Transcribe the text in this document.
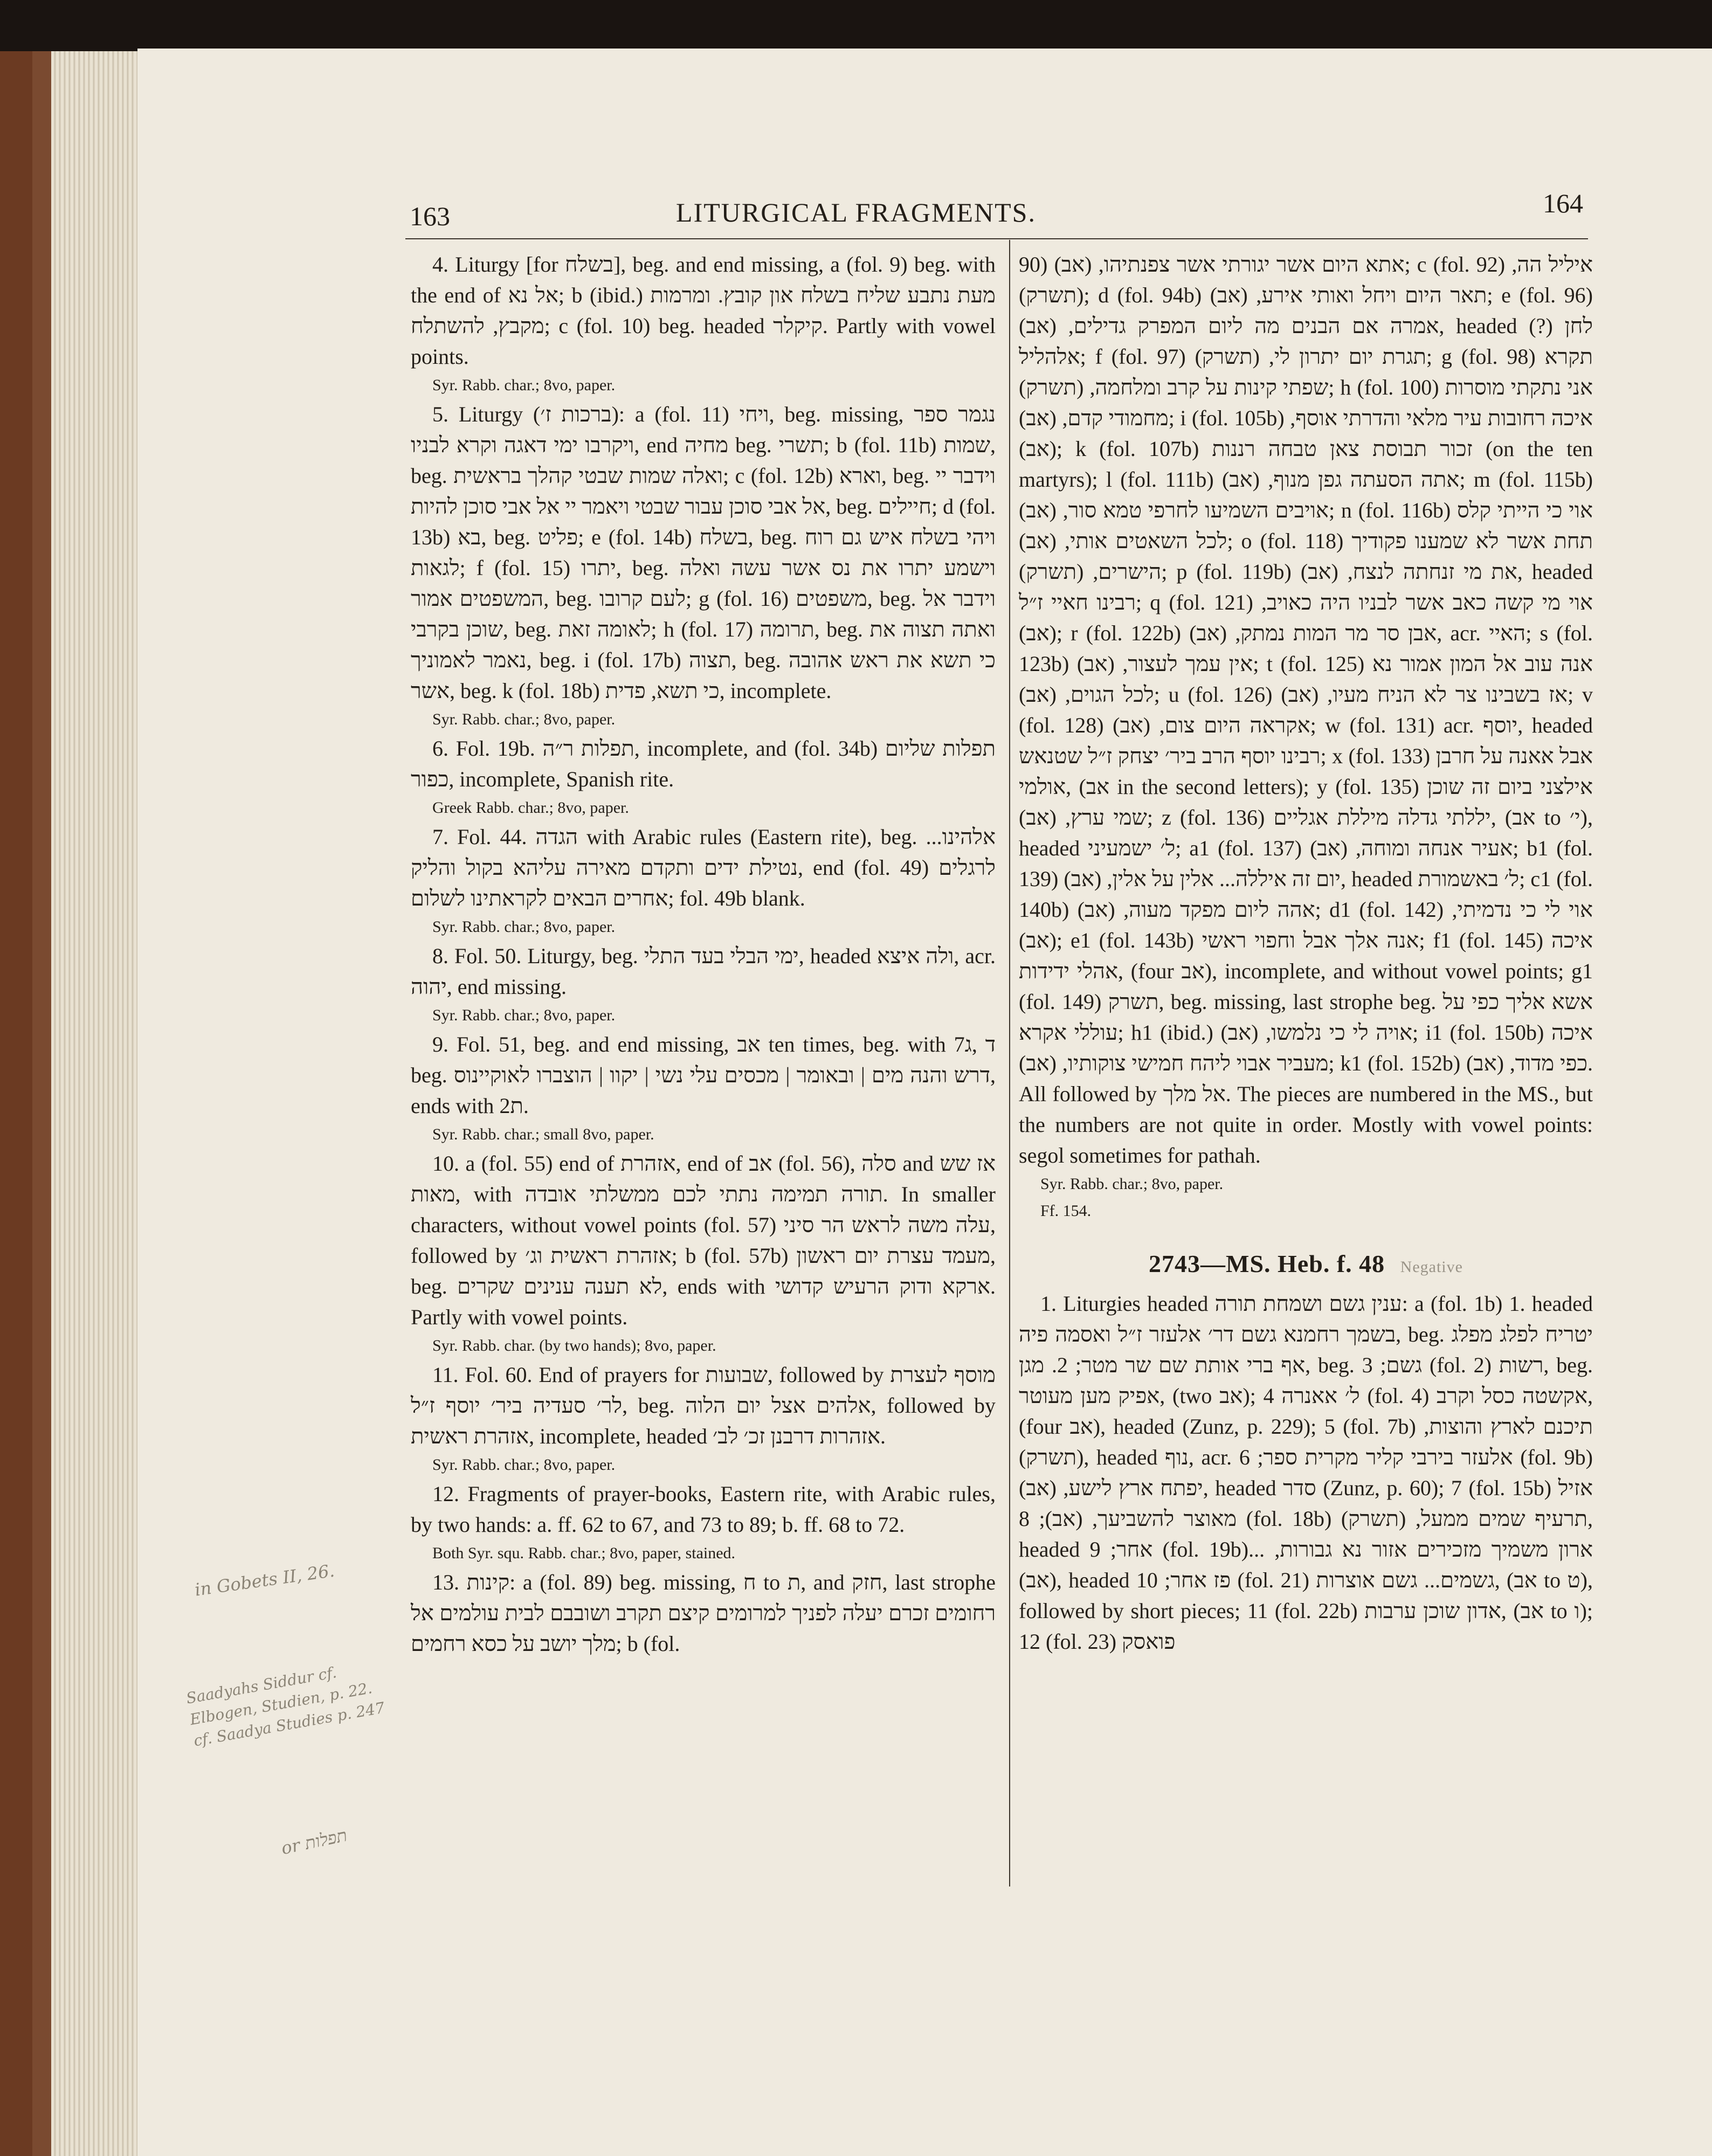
163	LITURGICAL FRAGMENTS.	164

4. Liturgy [for בשלח], beg. and end missing, a (fol. 9) beg. with the end of אל נא; b (ibid.) מעת נתבע שליח בשלח און קובץ. ומרמות מקבץ, להשתלח; c (fol. 10) beg. headed קיקלר. Partly with vowel points.

Syr. Rabb. char.; 8vo, paper.

5. Liturgy (ברכות ז׳): a (fol. 11) ויחי, beg. missing, נגמר ספר ויקרבו ימי דאגה וקרא לבניו, end מחיה beg. תשרי; b (fol. 11b) שמות, beg. ואלה שמות שבטי קהלך בראשית; c (fol. 12b) וארא, beg. וידבר יי אל אבי סוכן עבור שבטי ויאמר יי אל אבי סוכן להיות, beg. חיילים; d (fol. 13b) בא, beg. פליט; e (fol. 14b) בשלח, beg. ויהי בשלח איש גם רוח לגאות; f (fol. 15) יתרו, beg. וישמע יתרו את נס אשר עשה ואלה המשפטים אמור, beg. לעם קרובו; g (fol. 16) משפטים, beg. וידבר אל שוכן בקרבי, beg. לאומה זאת; h (fol. 17) תרומה, beg. ואתה תצוה את נאמר לאמוניך, beg. i (fol. 17b) תצוה, beg. כי תשא את ראש אהובה אשר, beg. k (fol. 18b) כי תשא, פדית, incomplete.

Syr. Rabb. char.; 8vo, paper.

6. Fol. 19b. תפלות ר״ה, incomplete, and (fol. 34b) תפלות שליום כפור, incomplete, Spanish rite.

Greek Rabb. char.; 8vo, paper.

7. Fol. 44. הגדה with Arabic rules (Eastern rite), beg. אלהינו... נטילת ידים ותקדם מאירה עליהא בקול והליק, end (fol. 49) לרגלים אחרים הבאים לקראתינו לשלום; fol. 49b blank.

Syr. Rabb. char.; 8vo, paper.

8. Fol. 50. Liturgy, beg. ימי הבלי בעד התלי, headed ולה איצא, acr. יהוה, end missing.

Syr. Rabb. char.; 8vo, paper.

9. Fol. 51, beg. and end missing, אב ten times, beg. with ד ,ג7 beg. דרש והנה מים | ובאומר | מכסים עלי נשי | יקוו | הוצברו לאוקיינוס, ends with ת2.

Syr. Rabb. char.; small 8vo, paper.

10. a (fol. 55) end of אזהרת, end of אב (fol. 56), סלה and אז שש מאות, with תורה תמימה נתתי לכם ממשלתי אובדה. In smaller characters, without vowel points (fol. 57) עלה משה לראש הר סיני, followed by אזהרת ראשית וג׳; b (fol. 57b) מעמד עצרת יום ראשון, beg. לא תענה ענינים שקרים, ends with ארקא ודוק הרעיש קדושי. Partly with vowel points.

Syr. Rabb. char. (by two hands); 8vo, paper.

11. Fol. 60. End of prayers for שבועות, followed by מוסף לעצרת לר׳ סעדיה ביר׳ יוסף ז״ל, beg. אלהים אצל יום הלוה, followed by אזהרת ראשית, incomplete, headed אזהרות דרבנן זכ׳ לב׳.

Syr. Rabb. char.; 8vo, paper.

12. Fragments of prayer-books, Eastern rite, with Arabic rules, by two hands: a. ff. 62 to 67, and 73 to 89; b. ff. 68 to 72.

Both Syr. squ. Rabb. char.; 8vo, paper, stained.

13. קינות: a (fol. 89) beg. missing, ח to ת, and חזק, last strophe רחומים זכרם יעלה לפניך למרומים קיצם תקרב ושובבם לבית עולמים אל מלך יושב על כסא רחמים; b (fol.

90) אתא היום אשר יגורתי אשר צפנתיהו, (אב); c (fol. 92) איליל הה, (תשרק); d (fol. 94b) תאר היום ויחל ואותי אירע, (אב); e (fol. 96) אמרה אם הבנים מה ליום המפרק גדילים, (אב), headed (?) לחן אלהליל; f (fol. 97) תגרת יום יתרון לי, (תשרק); g (fol. 98) תקרא שפתי קינות על קרב ומלחמה, (תשרק); h (fol. 100) אני נתקתי מוסרות מחמודי קדם, (אב); i (fol. 105b) איכה רחובות עיר מלאי והדרתי אוסף, (אב); k (fol. 107b) זכור תבוסת צאן טבחה רננות (on the ten martyrs); l (fol. 111b) אתה הסעתה גפן מנוף, (אב); m (fol. 115b) אויבים השמיעו לחרפי טמא סור, (אב); n (fol. 116b) אוי כי הייתי קלס לכל השאטים אותי, (אב); o (fol. 118) תחת אשר לא שמענו פקודיך הישרים, (תשרק); p (fol. 119b) את מי זנחתה לנצח, (אב), headed רבינו חאיי ז״ל; q (fol. 121) אוי מי קשה כאב אשר לבניו היה כאויב, (אב); r (fol. 122b) אבן סר מר המות נמתק, (אב), acr. האיי; s (fol. 123b) אין עמך לעצור, (אב); t (fol. 125) אנה עוב אל המון אמור נא לכל הגוים, (אב); u (fol. 126) אז בשבינו צר לא הניח מעיו, (אב); v (fol. 128) אקראה היום צום, (אב); w (fol. 131) acr. יוסף, headed רבינו יוסף הרב ביר׳ יצחק ז״ל שטנאש; x (fol. 133) אבל אאנה על חרבן אולמי, (אב in the second letters); y (fol. 135) אילצני ביום זה שוכן שמי ערץ, (אב); z (fol. 136) יללתי גדלה מיללת אגליים, (אב to י׳), headed ל׳ ישמעיני; a1 (fol. 137) אעיר אנחה ומוחה, (אב); b1 (fol. 139) יום זה איללה... אלין על אלין, (אב), headed ל׳ באשמורת; c1 (fol. 140b) אהה ליום מפקד מעוה, (אב); d1 (fol. 142) אוי לי כי נדמיתי, (אב); e1 (fol. 143b) אנה אלך אבל וחפוי ראשי; f1 (fol. 145) איכה אהלי ידידות, (four אב), incomplete, and without vowel points; g1 (fol. 149) תשרק, beg. missing, last strophe beg. אשא אליך כפי על עוללי אקרא; h1 (ibid.) אויה לי כי נלמשו, (אב); i1 (fol. 150b) איכה מעביר אבוי ליהח חמישי צוקותיו, (אב); k1 (fol. 152b) כפי מדוד, (אב). All followed by אל מלך. The pieces are numbered in the MS., but the numbers are not quite in order. Mostly with vowel points: segol sometimes for pathah.

Syr. Rabb. char.; 8vo, paper.

Ff. 154.

2743—MS. Heb. f. 48 Negative

1. Liturgies headed ענין גשם ושמחת תורה: a (fol. 1b) 1. headed בשמך רחמנא גשם דר׳ אלעזר ז״ל ואסמה פיה, beg. יטריח לפלג מפלג אף ברי אותת שם שר מטר; 2. מגן, beg. גשם; 3 (fol. 2) רשות, beg. אפיק מען מעוטר, (two אב); ל׳ אאנרה 4 (fol. 4) אקשטה כסל וקרב, (four אב), headed (Zunz, p. 229); 5 (fol. 7b) תיכנם לארץ והוצות, (תשרק), headed נוף, acr. אלעזר בירבי קליר מקרית ספר; 6 (fol. 9b) יפתח ארץ לישע, (אב), headed סדר (Zunz, p. 60); 7 (fol. 15b) אזיל מאוצר להשביעך, (אב); 8 (fol. 18b) תרעיף שמים ממעל, (תשרק), headed אחר; 9 (fol. 19b)... ארון משמיך מזכירים אזור נא גבורות, (אב), headed פז אחר; 10 (fol. 21) גשמים... גשם אוצרות, (אב to ט), followed by short pieces; 11 (fol. 22b) אדון שוכן ערבות, (אב to ו); 12 (fol. 23) פואסק

in Gobets II, 26.
Saadyahs Siddur cf. Elbogen, Studien, p. 22. cf. Saadya Studies p. 247
or תפלות
